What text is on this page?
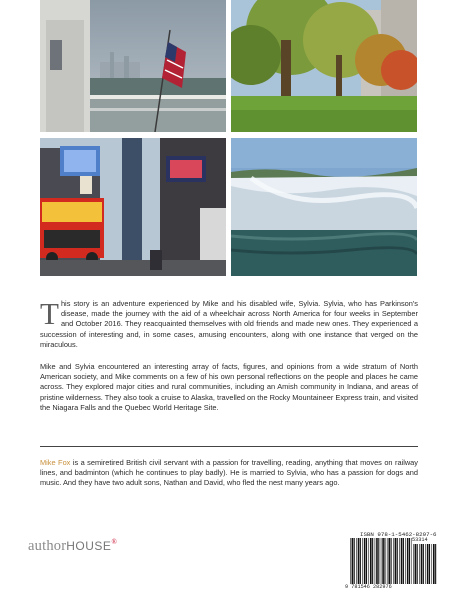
This story is an adventure experienced by Mike and his disabled wife, Sylvia. Sylvia, who has Parkinson's disease, made the journey with the aid of a wheelchair across North America for four weeks in September and October 2016. They reacquainted themselves with old friends and made new ones. They experienced a succession of interesting and, in some cases, amusing encounters, along with one instance that verged on the miraculous.

Mike and Sylvia encountered an interesting array of facts, figures, and opinions from a wide stratum of North American society, and Mike comments on a few of his own personal reflections on the people and places he came across. They explored major cities and rural communities, including an Amish community in Indiana, and areas of pristine wilderness. They also took a cruise to Alaska, travelled on the Rocky Mountaineer Express train, and visited the Niagara Falls and the Quebec World Heritage Site.

Mike Fox is a semiretired British civil servant with a passion for travelling, reading, anything that moves on railway lines, and badminton (which he continues to play badly). He is married to Sylvia, who has a passion for dogs and music. And they have two adult sons, Nathan and David, who fled the nest many years ago.

authorHOUSE®
ISBN 978-1-5462-8297-6
9 781546 282976
53314
